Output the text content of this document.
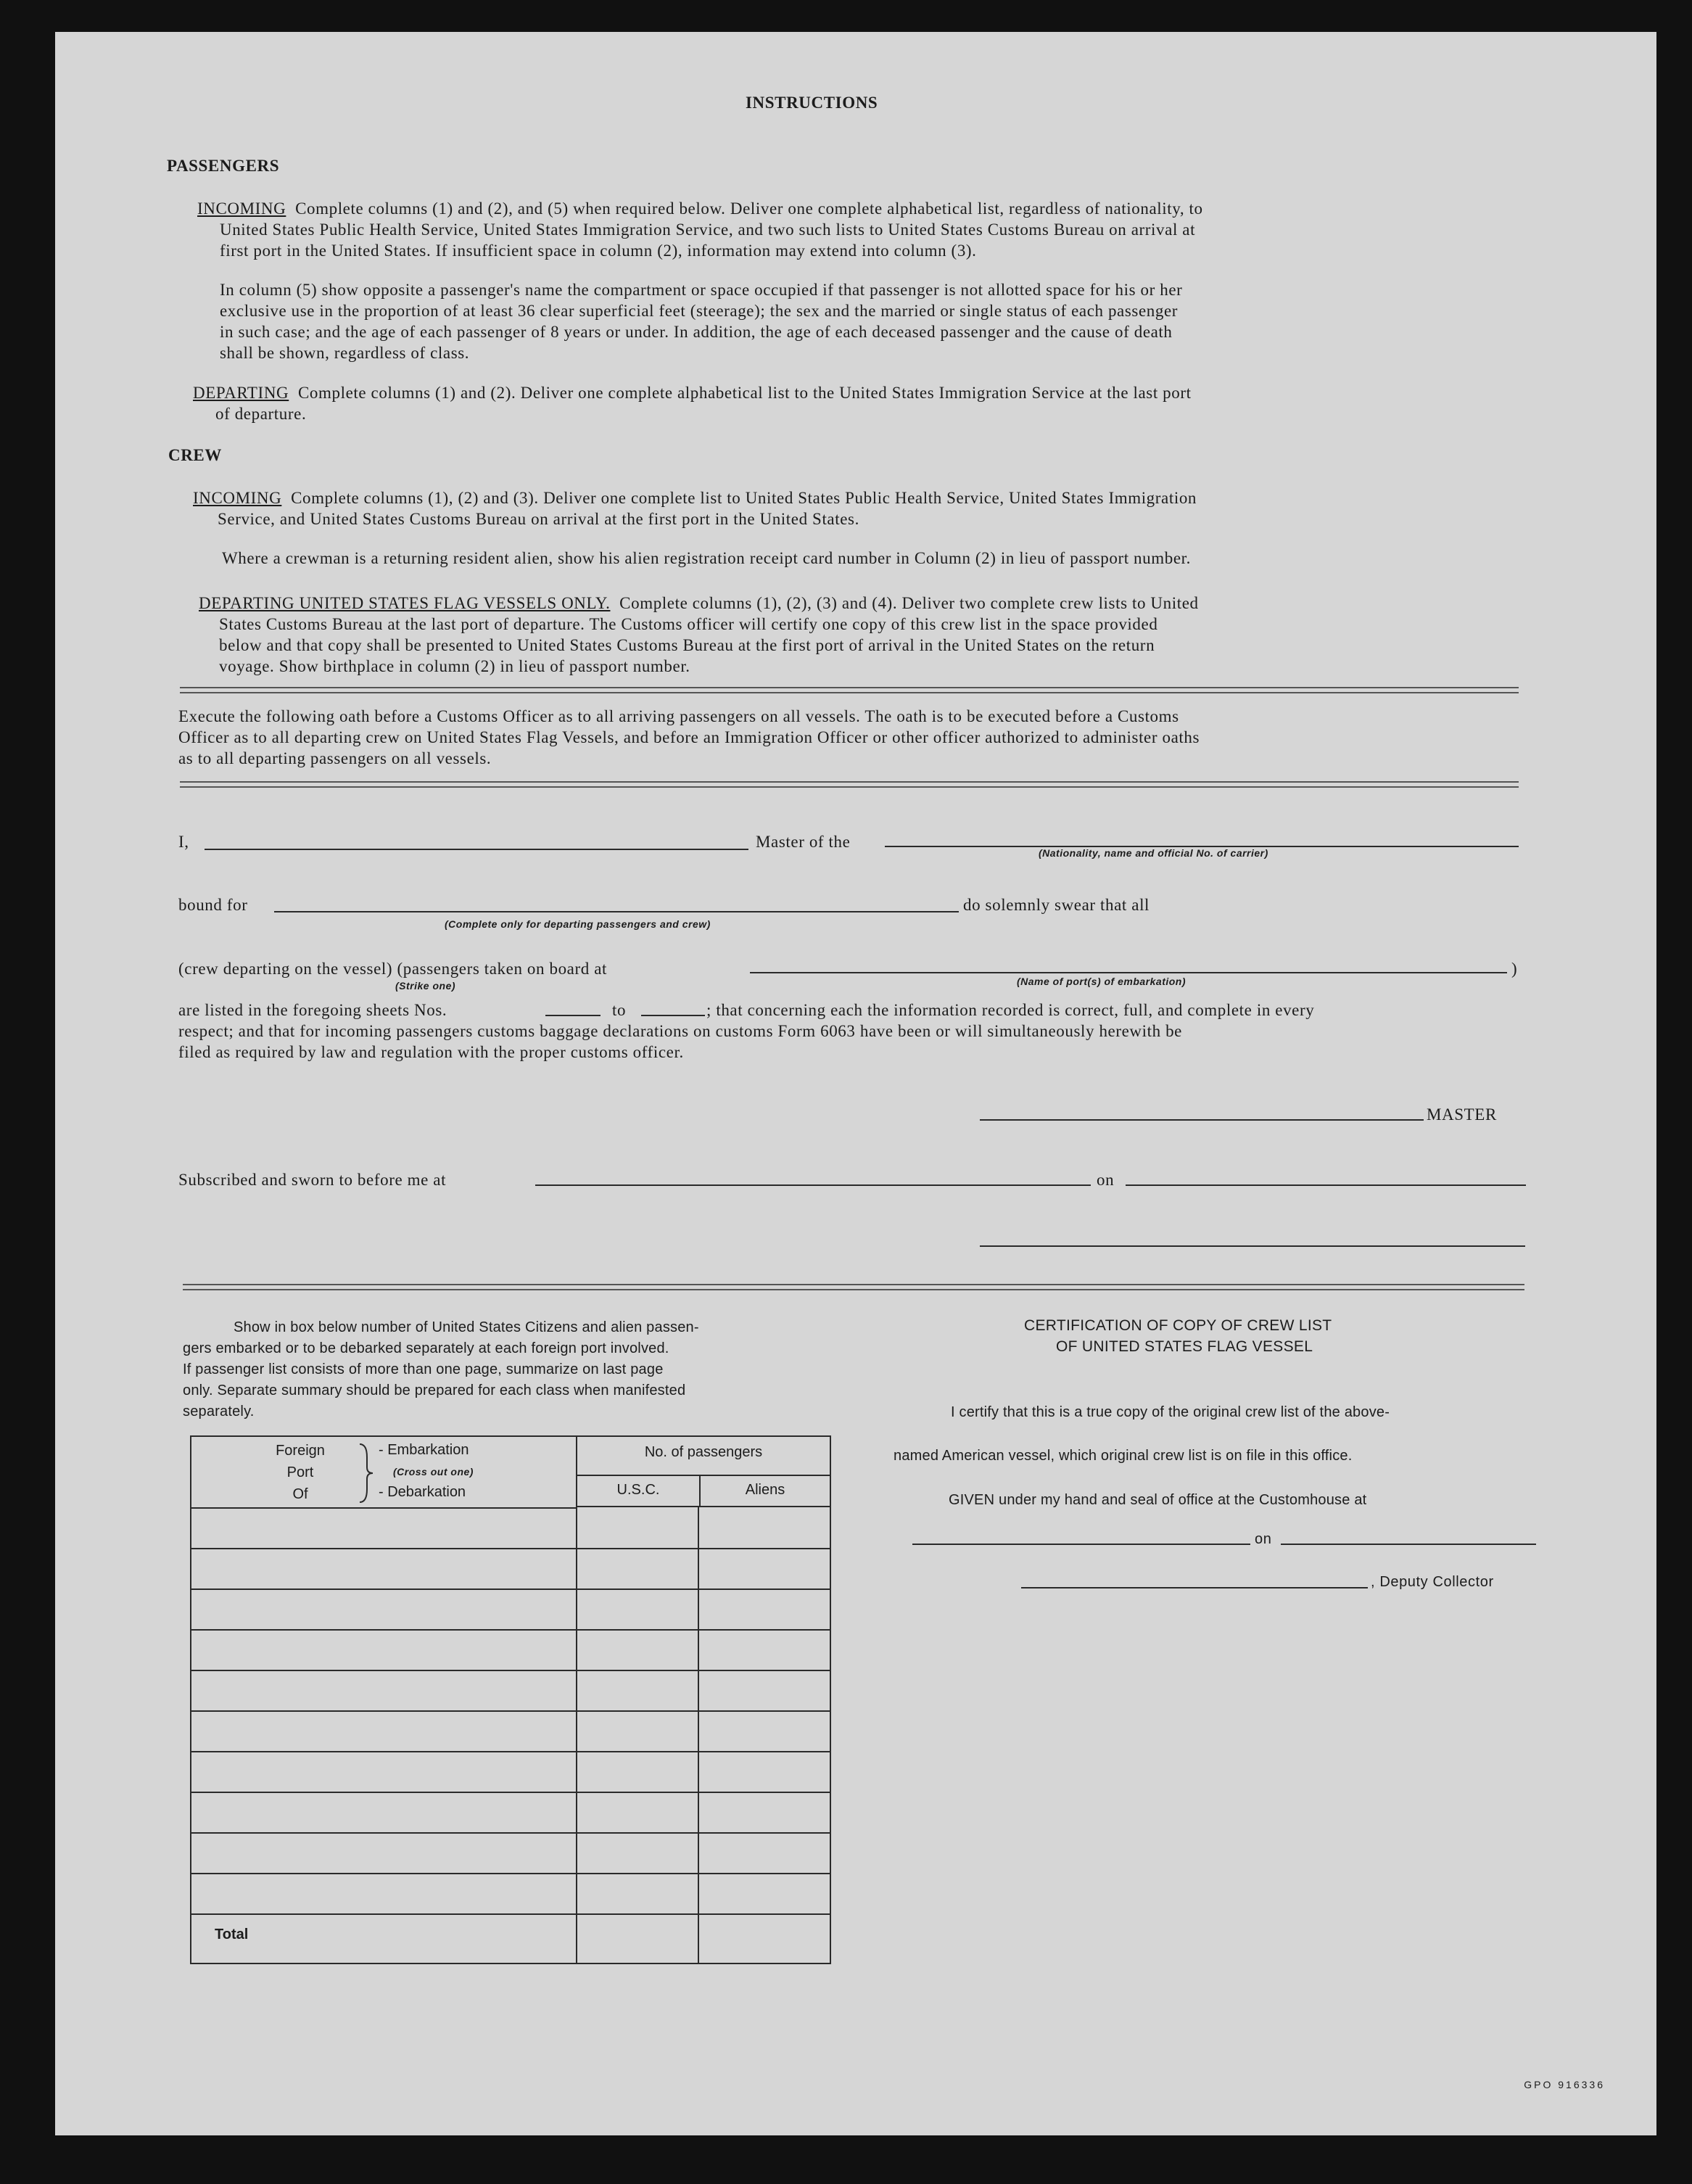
INSTRUCTIONS
PASSENGERS
INCOMING Complete columns (1) and (2), and (5) when required below. Deliver one complete alphabetical list, regardless of nationality, to
United States Public Health Service, United States Immigration Service, and two such lists to United States Customs Bureau on arrival at
first port in the United States. If insufficient space in column (2), information may extend into column (3).
In column (5) show opposite a passenger's name the compartment or space occupied if that passenger is not allotted space for his or her
exclusive use in the proportion of at least 36 clear superficial feet (steerage); the sex and the married or single status of each passenger
in such case; and the age of each passenger of 8 years or under. In addition, the age of each deceased passenger and the cause of death
shall be shown, regardless of class.
DEPARTING Complete columns (1) and (2). Deliver one complete alphabetical list to the United States Immigration Service at the last port
of departure.
CREW
INCOMING Complete columns (1), (2) and (3). Deliver one complete list to United States Public Health Service, United States Immigration
Service, and United States Customs Bureau on arrival at the first port in the United States.
Where a crewman is a returning resident alien, show his alien registration receipt card number in Column (2) in lieu of passport number.
DEPARTING UNITED STATES FLAG VESSELS ONLY. Complete columns (1), (2), (3) and (4). Deliver two complete crew lists to United
States Customs Bureau at the last port of departure. The Customs officer will certify one copy of this crew list in the space provided
below and that copy shall be presented to United States Customs Bureau at the first port of arrival in the United States on the return
voyage. Show birthplace in column (2) in lieu of passport number.
Execute the following oath before a Customs Officer as to all arriving passengers on all vessels. The oath is to be executed before a Customs
Officer as to all departing crew on United States Flag Vessels, and before an Immigration Officer or other officer authorized to administer oaths
as to all departing passengers on all vessels.
I,	Master of the
(Nationality, name and official No. of carrier)
bound for	do solemnly swear that all
(Complete only for departing passengers and crew)
(crew departing on the vessel) (passengers taken on board at	)
(Strike one)	(Name of port(s) of embarkation)
are listed in the foregoing sheets Nos.	to	; that concerning each the information recorded is correct, full, and complete in every
respect; and that for incoming passengers customs baggage declarations on customs Form 6063 have been or will simultaneously herewith be
filed as required by law and regulation with the proper customs officer.
MASTER
Subscribed and sworn to before me at	on
Show in box below number of United States Citizens and alien passen-
gers embarked or to be debarked separately at each foreign port involved.
If passenger list consists of more than one page, summarize on last page
only. Separate summary should be prepared for each class when manifested
separately.
Foreign
Port
Of
- Embarkation
(Cross out one)
- Debarkation
No. of passengers
U.S.C.	Aliens
Total
CERTIFICATION OF COPY OF CREW LIST
OF UNITED STATES FLAG VESSEL
I certify that this is a true copy of the original crew list of the above-
named American vessel, which original crew list is on file in this office.
GIVEN under my hand and seal of office at the Customhouse at
on
, Deputy Collector
GPO 916336
